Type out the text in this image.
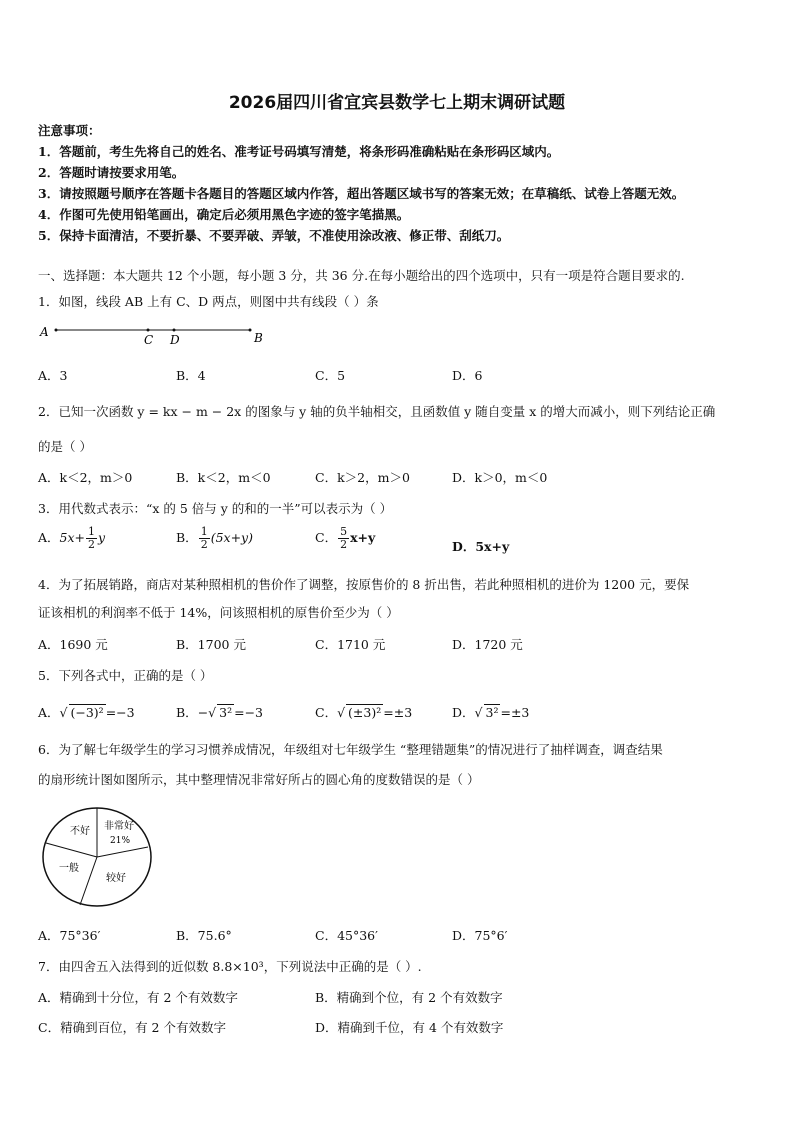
2026届四川省宜宾县数学七上期末调研试题
注意事项：
1．答题前，考生先将自己的姓名、准考证号码填写清楚，将条形码准确粘贴在条形码区域内。
2．答题时请按要求用笔。
3．请按照题号顺序在答题卡各题目的答题区域内作答，超出答题区域书写的答案无效；在草稿纸、试卷上答题无效。
4．作图可先使用铅笔画出，确定后必须用黑色字迹的签字笔描黑。
5．保持卡面清洁，不要折暴、不要弄破、弄皱，不准使用涂改液、修正带、刮纸刀。
一、选择题：本大题共 12 个小题，每小题 3 分，共 36 分.在每小题给出的四个选项中，只有一项是符合题目要求的.
1．如图，线段 AB 上有 C、D 两点，则图中共有线段（ ）条
A
C D	B
A．3	B．4	C．5	D．6
2．已知一次函数 y = kx − m − 2x 的图象与 y 轴的负半轴相交，且函数值 y 随自变量 x 的增大而减小，则下列结论正确
的是（ ）
A．k＜2，m＞0	B．k＜2，m＜0	C．k＞2，m＞0	D．k＞0，m＜0
3．用代数式表示：“x 的 5 倍与 y 的和的一半”可以表示为（ ）
A．$5x+ \frac{1}{2}$ y	B． $\frac{1}{2} (5x+y)$	C． $\frac{5}{2} x+y$
D．5x+y
4．为了拓展销路，商店对某种照相机的售价作了调整，按原售价的 8 折出售，若此种照相机的进价为 1200 元，要保
证该相机的利润率不低于 14%，问该照相机的原售价至少为（ ）
A．1690 元	B．1700 元	C．1710 元	D．1720 元
5．下列各式中，正确的是（ ）
A．√ (−3)² =−3	B．−√ 3² =−3	C．√ (±3)² =±3	D．√ 3² =±3
6．为了解七年级学生的学习习惯养成情况，年级组对七年级学生 “整理错题集”的情况进行了抽样调查，调查结果
的扇形统计图如图所示，其中整理情况非常好所占的圆心角的度数错误的是（ ）
不好 非常好
21%
一般
较好
A．75°36′	B．75.6°	C．45°36′	D．75°6′
7．由四舍五入法得到的近似数 8.8×10³，下列说法中正确的是（ ）.
A．精确到十分位，有 2 个有效数字	B．精确到个位，有 2 个有效数字
C．精确到百位，有 2 个有效数字	D．精确到千位，有 4 个有效数字
